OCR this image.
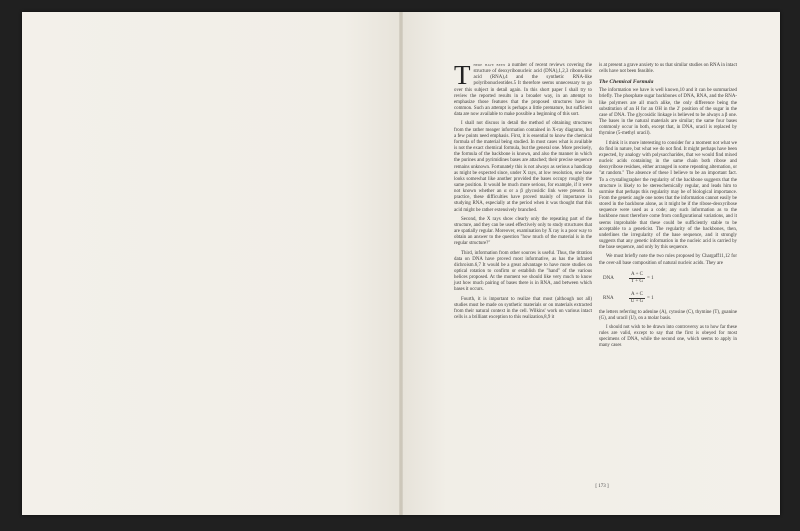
There have been a number of recent reviews covering the structure of deoxyribonucleic acid (DNA),1,2,3 ribonucleic acid (RNA),4 and the synthetic RNA-like polyribonucleotides.5 It therefore seems unnecessary to go over this subject in detail again. In this short paper I shall try to review the reported results in a broader way, in an attempt to emphasize those features that the proposed structures have in common. Such an attempt is perhaps a little premature, but sufficient data are now available to make possible a beginning of this sort.

I shall not discuss in detail the method of obtaining structures from the rather meager information contained in X-ray diagrams, but a few points need emphasis. First, it is essential to know the chemical formula of the material being studied. In most cases what is available is not the exact chemical formula, but the general one. More precisely, the formula of the backbone is known, and also the manner in which the purines and pyrimidines bases are attached; their precise sequence remains unknown. Fortunately this is not always as serious a handicap as might be expected since, under X rays, at low resolution, one base looks somewhat like another provided the bases occupy roughly the same position. It would be much more serious, for example, if it were not known whether an α or a β glycosidic link were present. In practice, these difficulties have proved mainly of importance in studying RNA, especially at the period when it was thought that this acid might be rather extensively branched.

Second, the X rays show clearly only the repeating part of the structure, and they can be used effectively only to study structures that are spatially regular. Moreover, examination by X ray is a poor way to obtain an answer to the question "how much of the material is in the regular structure?"

Third, information from other sources is useful. Thus, the titration data on DNA have proved most informative, as has the infrared dichroism.6,7 It would be a great advantage to have more studies on optical rotation to confirm or establish the "hand" of the various helices proposed. At the moment we should like very much to know just how much pairing of bases there is in RNA, and between which bases it occurs.

Fourth, it is important to realize that most (although not all) studies must be made on synthetic materials or on materials extracted from their natural context in the cell. Wilkins' work on various intact cells is a brilliant exception to this realization,8,9 it

is at present a grave anxiety to us that similar studies on RNA in intact cells have not been feasible.

The Chemical Formula

The information we have is well known,10 and it can be summarized briefly. The phosphate sugar backbones of DNA, RNA, and the RNA-like polymers are all much alike, the only difference being the substitution of an H for an OH in the 2′ position of the sugar in the case of DNA. The glycosidic linkage is believed to be always a β one. The bases in the natural materials are similar; the same four bases commonly occur in both, except that, in DNA, uracil is replaced by thymine (5-methyl uracil).

I think it is more interesting to consider for a moment not what we do find in nature, but what we do not find. It might perhaps have been expected, by analogy with polysaccharides, that we would find mixed nucleic acids containing in the same chain both ribose and deoxyribose residues, either arranged in some repeating alternation, or "at random." The absence of these I believe to be an important fact. To a crystallographer the regularity of the backbone suggests that the structure is likely to be stereochemically regular, and leads him to surmise that perhaps this regularity may be of biological importance. From the genetic angle one notes that the information cannot easily be stored in the backbone alone, as it might be if the ribose-deoxyribose sequence were used as a code; any such information as to the backbone must therefore come from configurational variations, and it seems improbable that these could be sufficiently stable to be acceptable to a geneticist. The regularity of the backbones, then, underlines the irregularity of the base sequence, and it strongly suggests that any genetic information in the nucleic acid is carried by the base sequence, and only by this sequence.

We must briefly note the two rules proposed by Chargaff11,12 for the over-all base composition of natural nucleic acids. They are

DNA	$\frac{A + C}{T + G} = 1$
RNA	$\frac{A + C}{U + G} = 1$

the letters referring to adenine (A), cytosine (C), thymine (T), guanine (G), and uracil (U), on a molar basis.

I should not wish to be drawn into controversy as to how far these rules are valid, except to say that the first is obeyed for most specimens of DNA, while the second one, which seems to apply in many cases

[ 173 ]
